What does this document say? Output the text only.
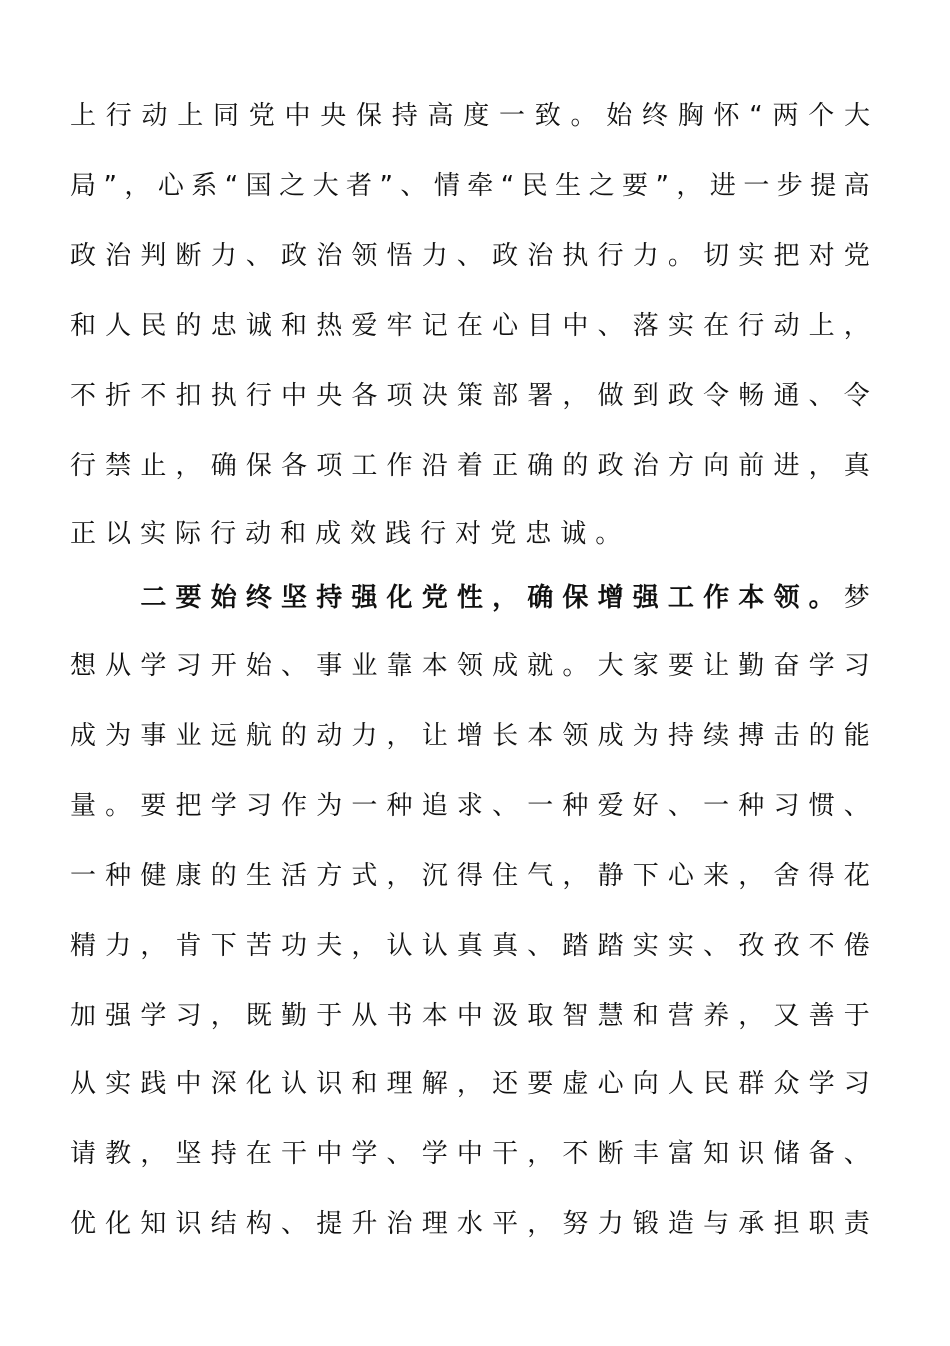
上 行 动 上 同 党 中 央 保 持 高 度 一 致 。 始 终 胸 怀 “ 两 个 大
局 ” ， 心 系 “ 国 之 大 者 ” 、 情 牵 “ 民 生 之 要 ” ， 进 一 步 提 高
政 治 判 断 力 、 政 治 领 悟 力 、 政 治 执 行 力 。 切 实 把 对 党
和 人 民 的 忠 诚 和 热 爱 牢 记 在 心 目 中 、 落 实 在 行 动 上 ，
不 折 不 扣 执 行 中 央 各 项 决 策 部 署 ， 做 到 政 令 畅 通 、 令
行 禁 止 ， 确 保 各 项 工 作 沿 着 正 确 的 政 治 方 向 前 进 ， 真
正 以 实 际 行 动 和 成 效 践 行 对 党 忠 诚 。

二 要 始 终 坚 持 强 化 党 性 ， 确 保 增 强 工 作 本 领 。 梦
想 从 学 习 开 始 、 事 业 靠 本 领 成 就 。 大 家 要 让 勤 奋 学 习
成 为 事 业 远 航 的 动 力 ， 让 增 长 本 领 成 为 持 续 搏 击 的 能
量 。 要 把 学 习 作 为 一 种 追 求 、 一 种 爱 好 、 一 种 习 惯 、
一 种 健 康 的 生 活 方 式 ， 沉 得 住 气 ， 静 下 心 来 ， 舍 得 花
精 力 ， 肯 下 苦 功 夫 ， 认 认 真 真 、 踏 踏 实 实 、 孜 孜 不 倦
加 强 学 习 ， 既 勤 于 从 书 本 中 汲 取 智 慧 和 营 养 ， 又 善 于
从 实 践 中 深 化 认 识 和 理 解 ， 还 要 虚 心 向 人 民 群 众 学 习
请 教 ， 坚 持 在 干 中 学 、 学 中 干 ， 不 断 丰 富 知 识 储 备 、
优 化 知 识 结 构 、 提 升 治 理 水 平 ， 努 力 锻 造 与 承 担 职 责
